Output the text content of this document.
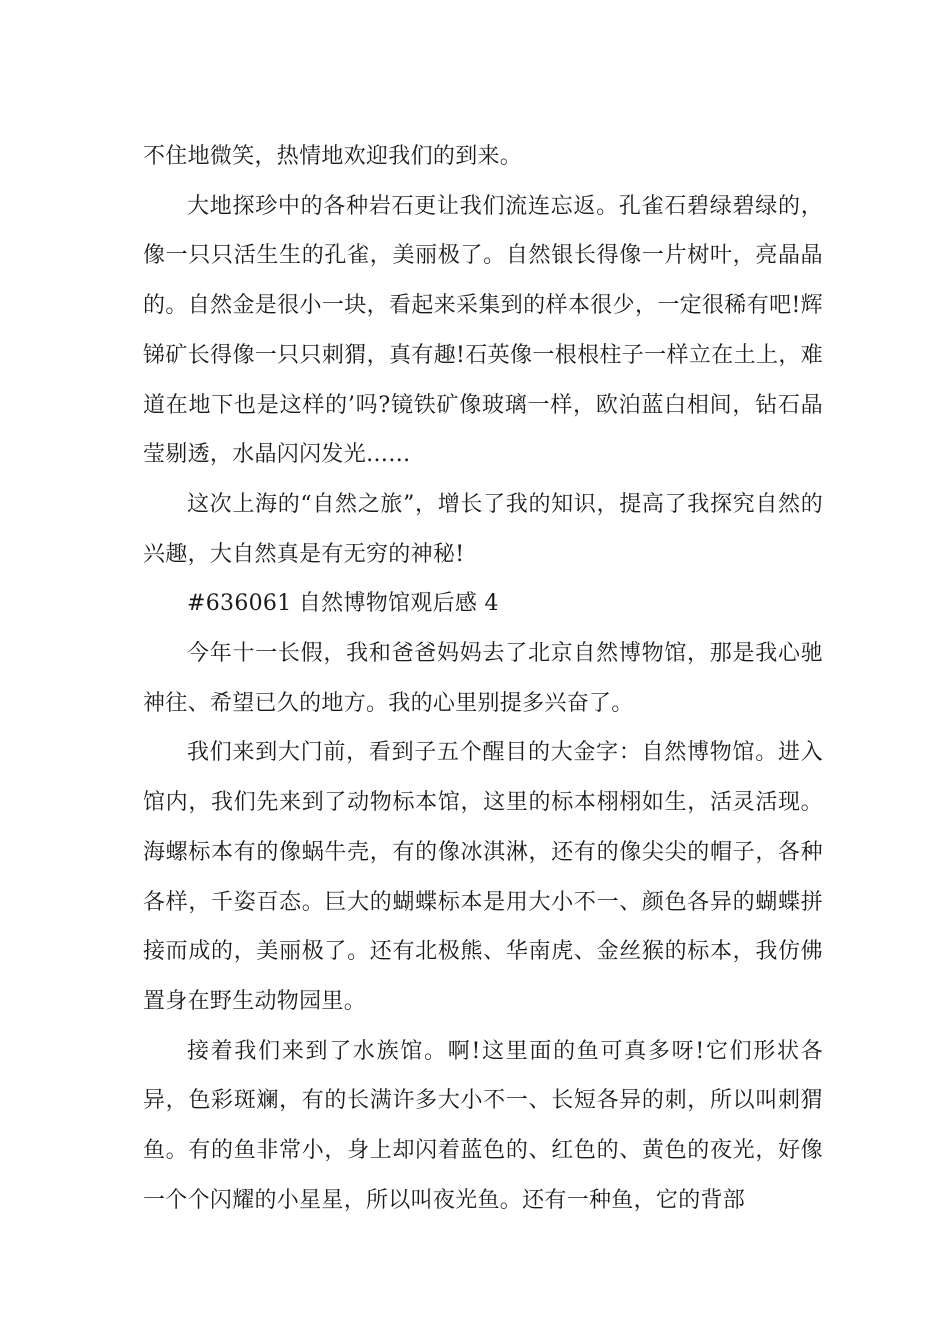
不住地微笑，热情地欢迎我们的到来。

大地探珍中的各种岩石更让我们流连忘返。孔雀石碧绿碧绿的，像一只只活生生的孔雀，美丽极了。自然银长得像一片树叶，亮晶晶的。自然金是很小一块，看起来采集到的样本很少，一定很稀有吧!辉锑矿长得像一只只刺猬，真有趣!石英像一根根柱子一样立在土上，难道在地下也是这样的’吗?镜铁矿像玻璃一样，欧泊蓝白相间，钻石晶莹剔透，水晶闪闪发光……

这次上海的“自然之旅”，增长了我的知识，提高了我探究自然的兴趣，大自然真是有无穷的神秘!

#636061 自然博物馆观后感 4

今年十一长假，我和爸爸妈妈去了北京自然博物馆，那是我心驰神往、希望已久的地方。我的心里别提多兴奋了。

我们来到大门前，看到子五个醒目的大金字：自然博物馆。进入馆内，我们先来到了动物标本馆，这里的标本栩栩如生，活灵活现。海螺标本有的像蜗牛壳，有的像冰淇淋，还有的像尖尖的帽子，各种各样，千姿百态。巨大的蝴蝶标本是用大小不一、颜色各异的蝴蝶拼接而成的，美丽极了。还有北极熊、华南虎、金丝猴的标本，我仿佛置身在野生动物园里。

接着我们来到了水族馆。啊!这里面的鱼可真多呀!它们形状各异，色彩斑斓，有的长满许多大小不一、长短各异的刺，所以叫刺猬鱼。有的鱼非常小，身上却闪着蓝色的、红色的、黄色的夜光，好像一个个闪耀的小星星，所以叫夜光鱼。还有一种鱼，它的背部
